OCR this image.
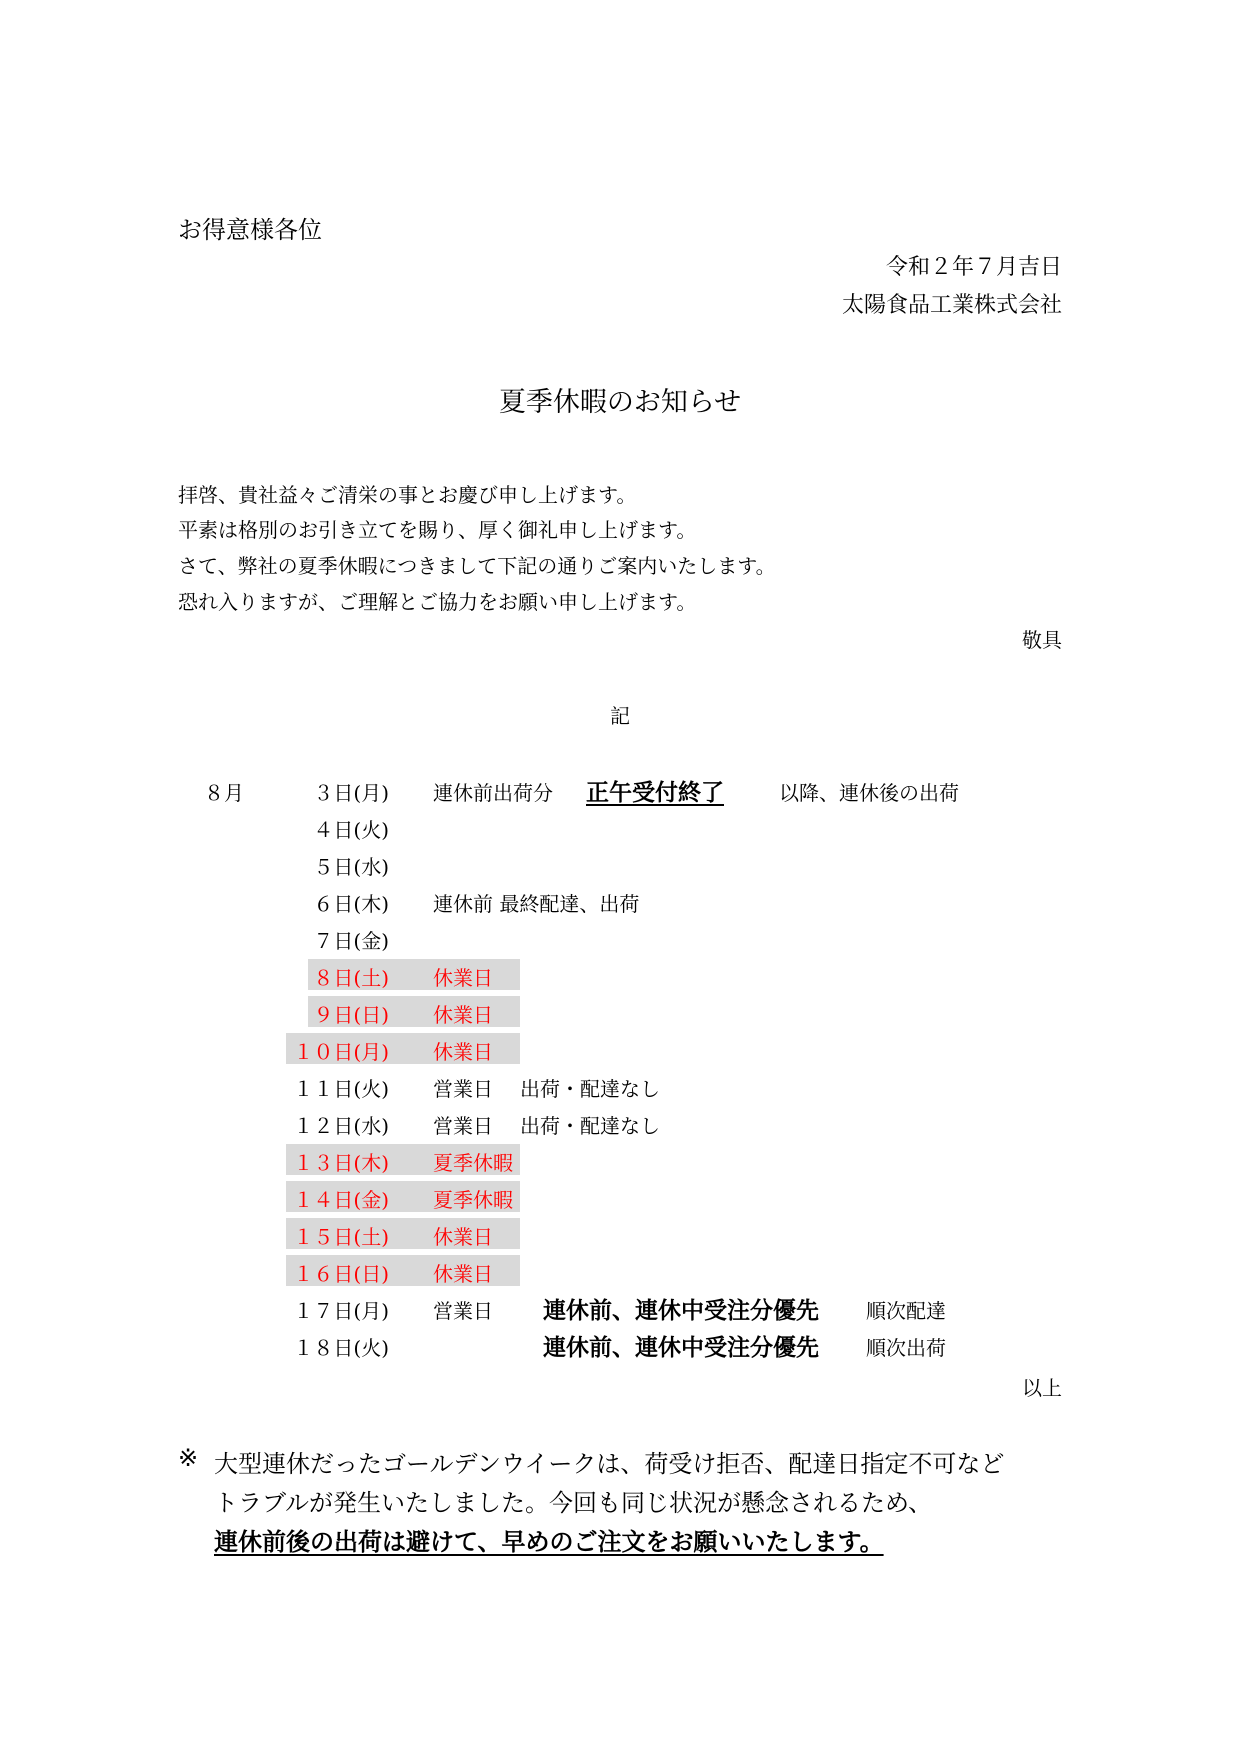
お得意様各位
令和２年７月吉日
太陽食品工業株式会社
夏季休暇のお知らせ
拝啓、貴社益々ご清栄の事とお慶び申し上げます。
平素は格別のお引き立てを賜り、厚く御礼申し上げます。
さて、弊社の夏季休暇につきまして下記の通りご案内いたします。
恐れ入りますが、ご理解とご協力をお願い申し上げます。
敬具
記
８月	３日(月) 連休前出荷分 正午受付終了	以降、連休後の出荷
４日(火)
５日(水)
６日(木) 連休前 最終配達、出荷
７日(金)
８日(土) 休業日
９日(日) 休業日
１０日(月) 休業日
１１日(火) 営業日 出荷・配達なし
１２日(水) 営業日 出荷・配達なし
１３日(木) 夏季休暇
１４日(金) 夏季休暇
１５日(土) 休業日
１６日(日) 休業日
１７日(月) 営業日 連休前、連休中受注分優先 順次配達
１８日(火)	連休前、連休中受注分優先 順次出荷
以上
※ 大型連休だったゴールデンウイークは、荷受け拒否、配達日指定不可など
トラブルが発生いたしました。今回も同じ状況が懸念されるため、
連休前後の出荷は避けて、早めのご注文をお願いいたします。
